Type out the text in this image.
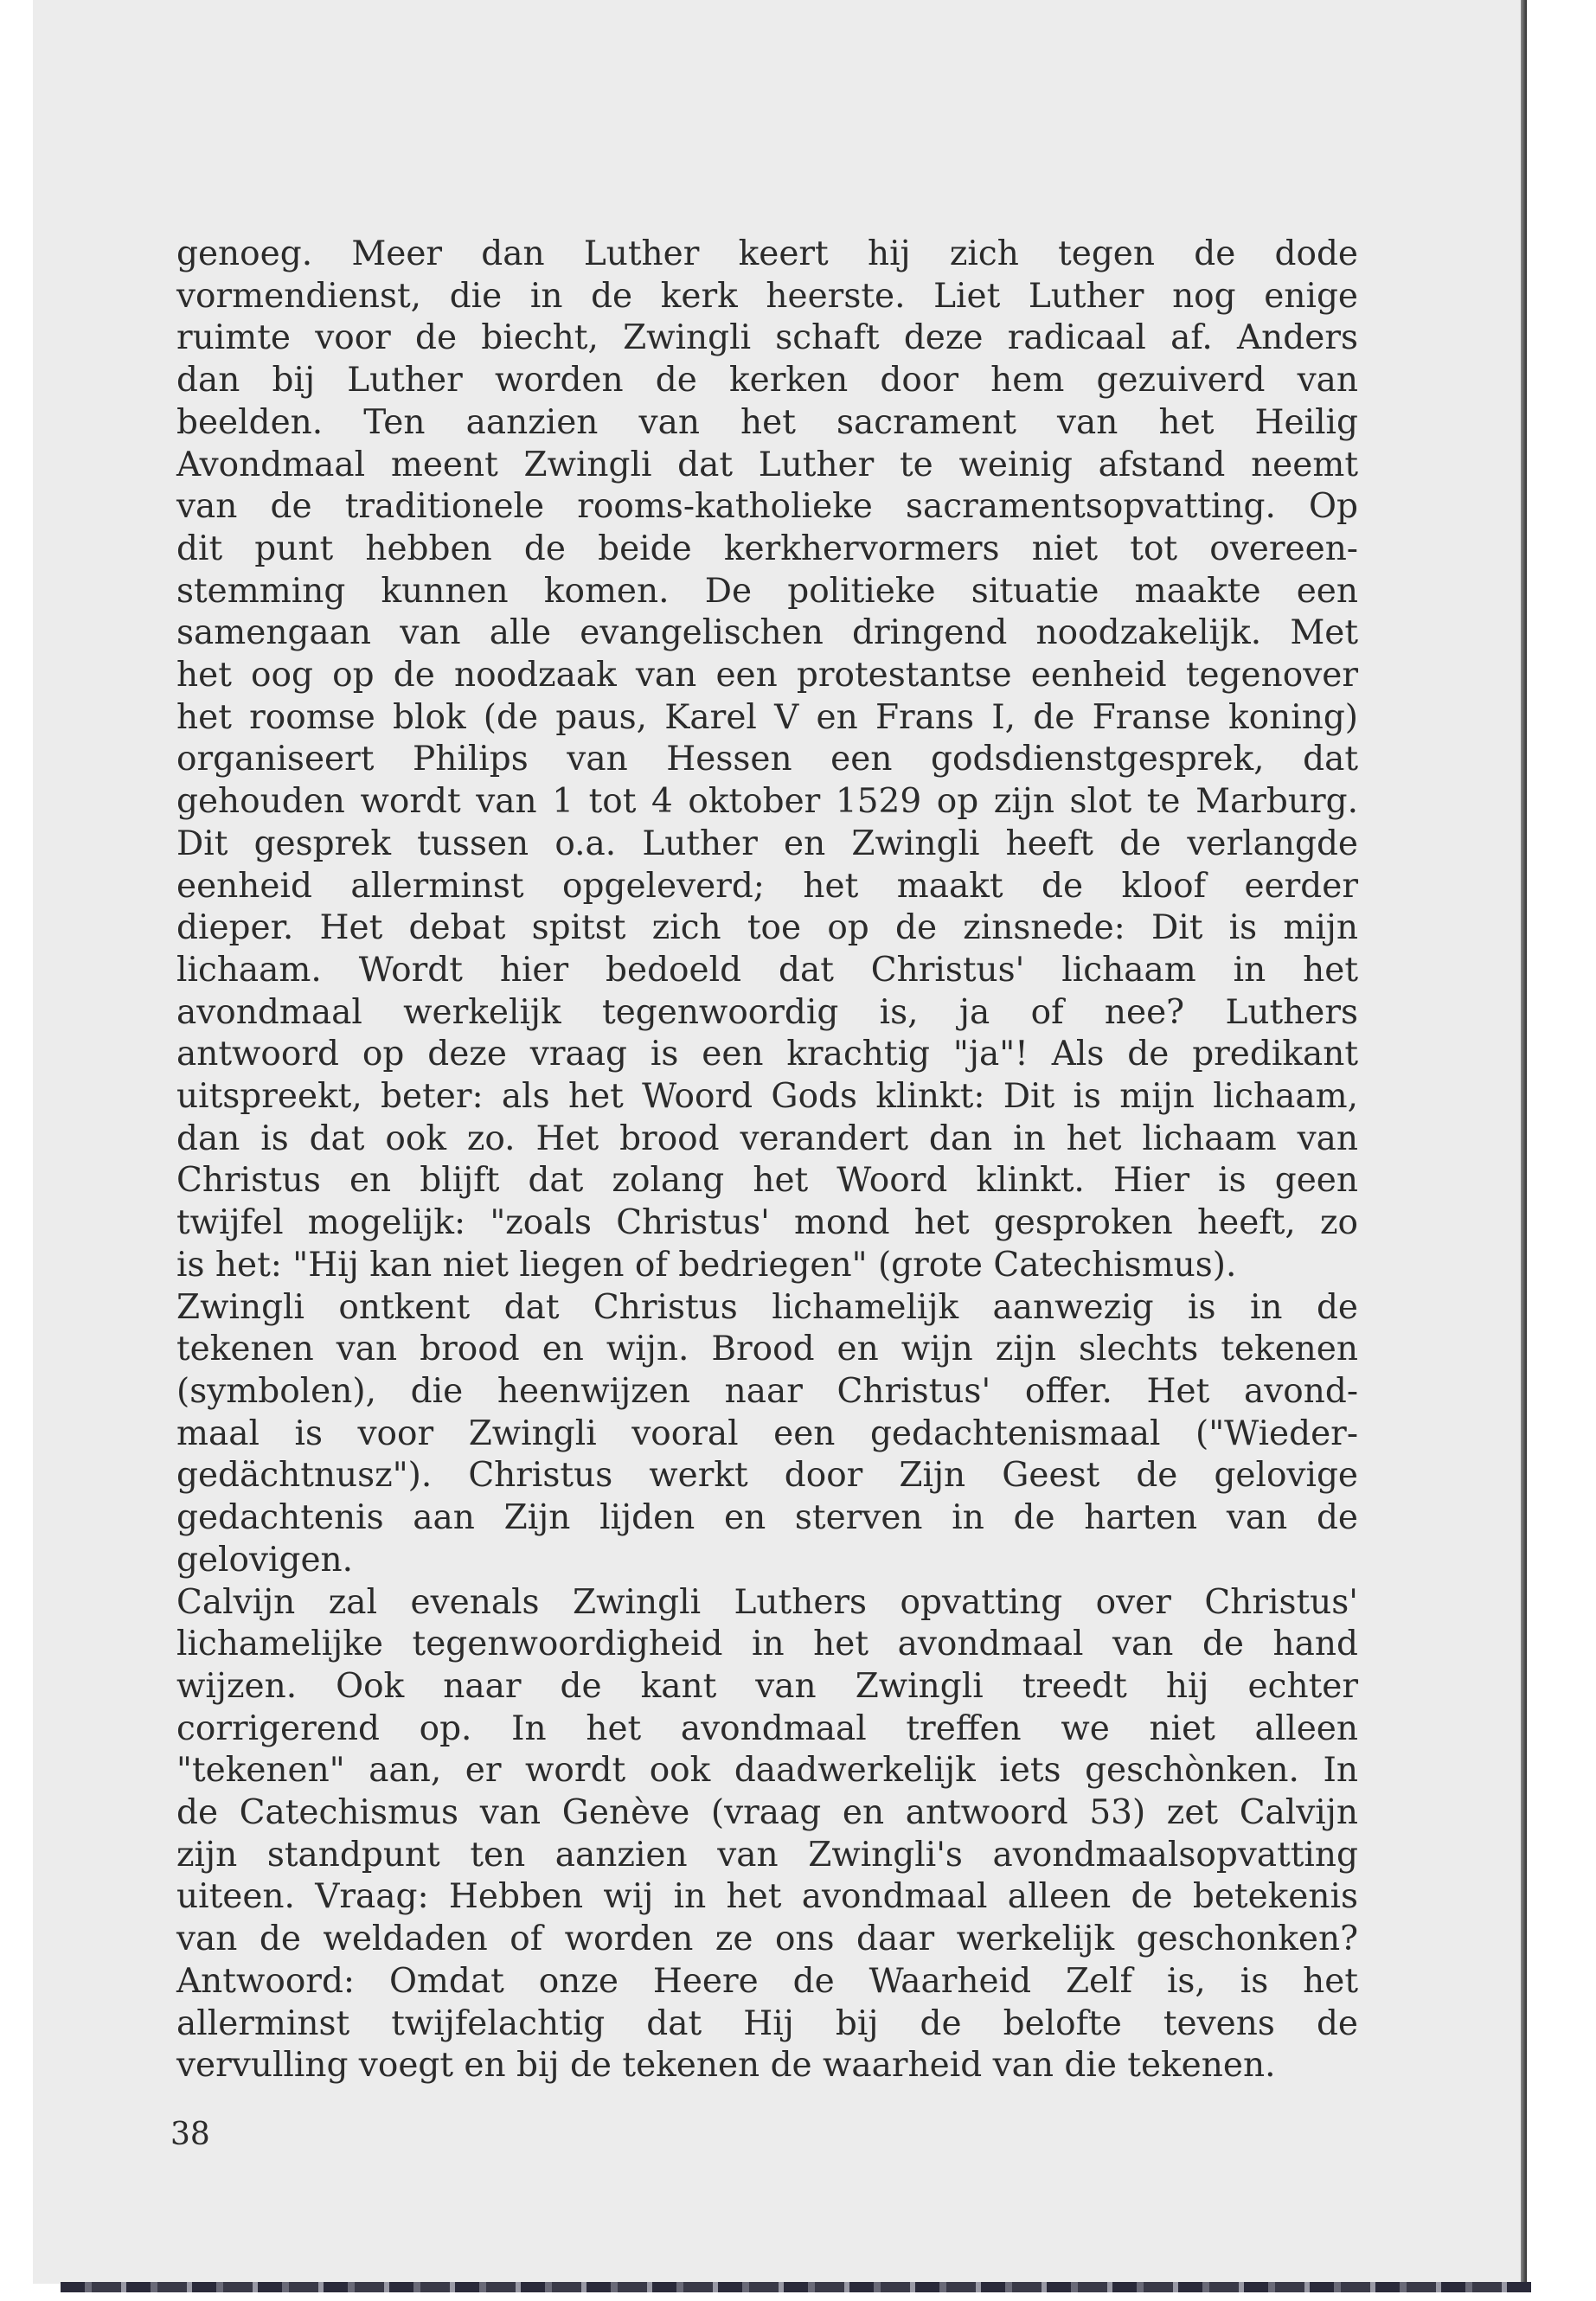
genoeg. Meer dan Luther keert hij zich tegen de dode
vormendienst, die in de kerk heerste. Liet Luther nog enige
ruimte voor de biecht, Zwingli schaft deze radicaal af. Anders
dan bij Luther worden de kerken door hem gezuiverd van
beelden. Ten aanzien van het sacrament van het Heilig
Avondmaal meent Zwingli dat Luther te weinig afstand neemt
van de traditionele rooms-katholieke sacramentsopvatting. Op
dit punt hebben de beide kerkhervormers niet tot overeen-
stemming kunnen komen. De politieke situatie maakte een
samengaan van alle evangelischen dringend noodzakelijk. Met
het oog op de noodzaak van een protestantse eenheid tegenover
het roomse blok (de paus, Karel V en Frans I, de Franse koning)
organiseert Philips van Hessen een godsdienstgesprek, dat
gehouden wordt van 1 tot 4 oktober 1529 op zijn slot te Marburg.
Dit gesprek tussen o.a. Luther en Zwingli heeft de verlangde
eenheid allerminst opgeleverd; het maakt de kloof eerder
dieper. Het debat spitst zich toe op de zinsnede: Dit is mijn
lichaam. Wordt hier bedoeld dat Christus' lichaam in het
avondmaal werkelijk tegenwoordig is, ja of nee? Luthers
antwoord op deze vraag is een krachtig "ja"! Als de predikant
uitspreekt, beter: als het Woord Gods klinkt: Dit is mijn lichaam,
dan is dat ook zo. Het brood verandert dan in het lichaam van
Christus en blijft dat zolang het Woord klinkt. Hier is geen
twijfel mogelijk: "zoals Christus' mond het gesproken heeft, zo
is het: "Hij kan niet liegen of bedriegen" (grote Catechismus).
Zwingli ontkent dat Christus lichamelijk aanwezig is in de
tekenen van brood en wijn. Brood en wijn zijn slechts tekenen
(symbolen), die heenwijzen naar Christus' offer. Het avond-
maal is voor Zwingli vooral een gedachtenismaal ("Wieder-
gedächtnusz"). Christus werkt door Zijn Geest de gelovige
gedachtenis aan Zijn lijden en sterven in de harten van de
gelovigen.
Calvijn zal evenals Zwingli Luthers opvatting over Christus'
lichamelijke tegenwoordigheid in het avondmaal van de hand
wijzen. Ook naar de kant van Zwingli treedt hij echter
corrigerend op. In het avondmaal treffen we niet alleen
"tekenen" aan, er wordt ook daadwerkelijk iets geschònken. In
de Catechismus van Genève (vraag en antwoord 53) zet Calvijn
zijn standpunt ten aanzien van Zwingli's avondmaalsopvatting
uiteen. Vraag: Hebben wij in het avondmaal alleen de betekenis
van de weldaden of worden ze ons daar werkelijk geschonken?
Antwoord: Omdat onze Heere de Waarheid Zelf is, is het
allerminst twijfelachtig dat Hij bij de belofte tevens de
vervulling voegt en bij de tekenen de waarheid van die tekenen.
38
